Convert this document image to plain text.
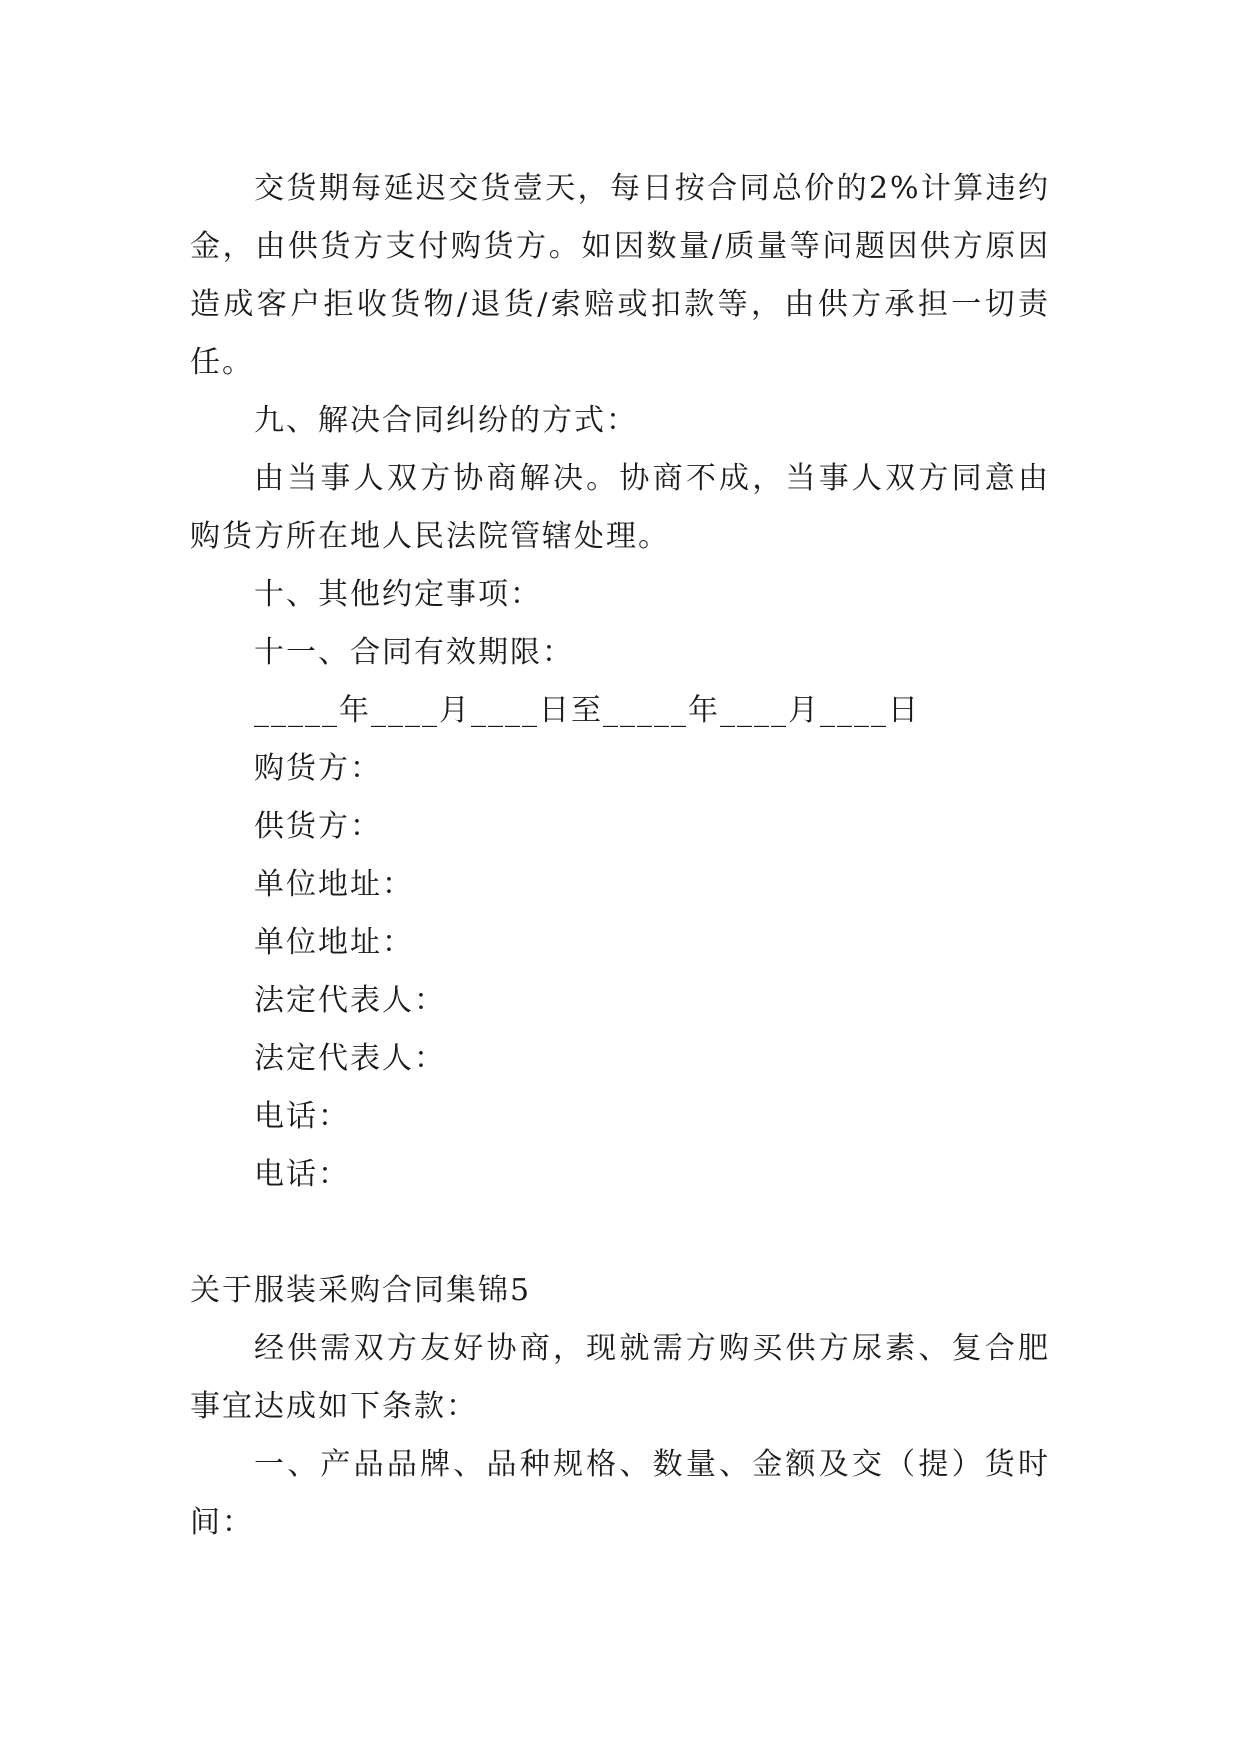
交货期每延迟交货壹天，每日按合同总价的2%计算违约金，由供货方支付购货方。如因数量/质量等问题因供方原因造成客户拒收货物/退货/索赔或扣款等，由供方承担一切责任。

九、解决合同纠纷的方式：

由当事人双方协商解决。协商不成，当事人双方同意由购货方所在地人民法院管辖处理。

十、其他约定事项：

十一、合同有效期限：

_____年____月____日至_____年____月____日

购货方：

供货方：

单位地址：

单位地址：

法定代表人：

法定代表人：

电话：

电话：

关于服装采购合同集锦5

经供需双方友好协商，现就需方购买供方尿素、复合肥事宜达成如下条款：

一、产品品牌、品种规格、数量、金额及交（提）货时间：
